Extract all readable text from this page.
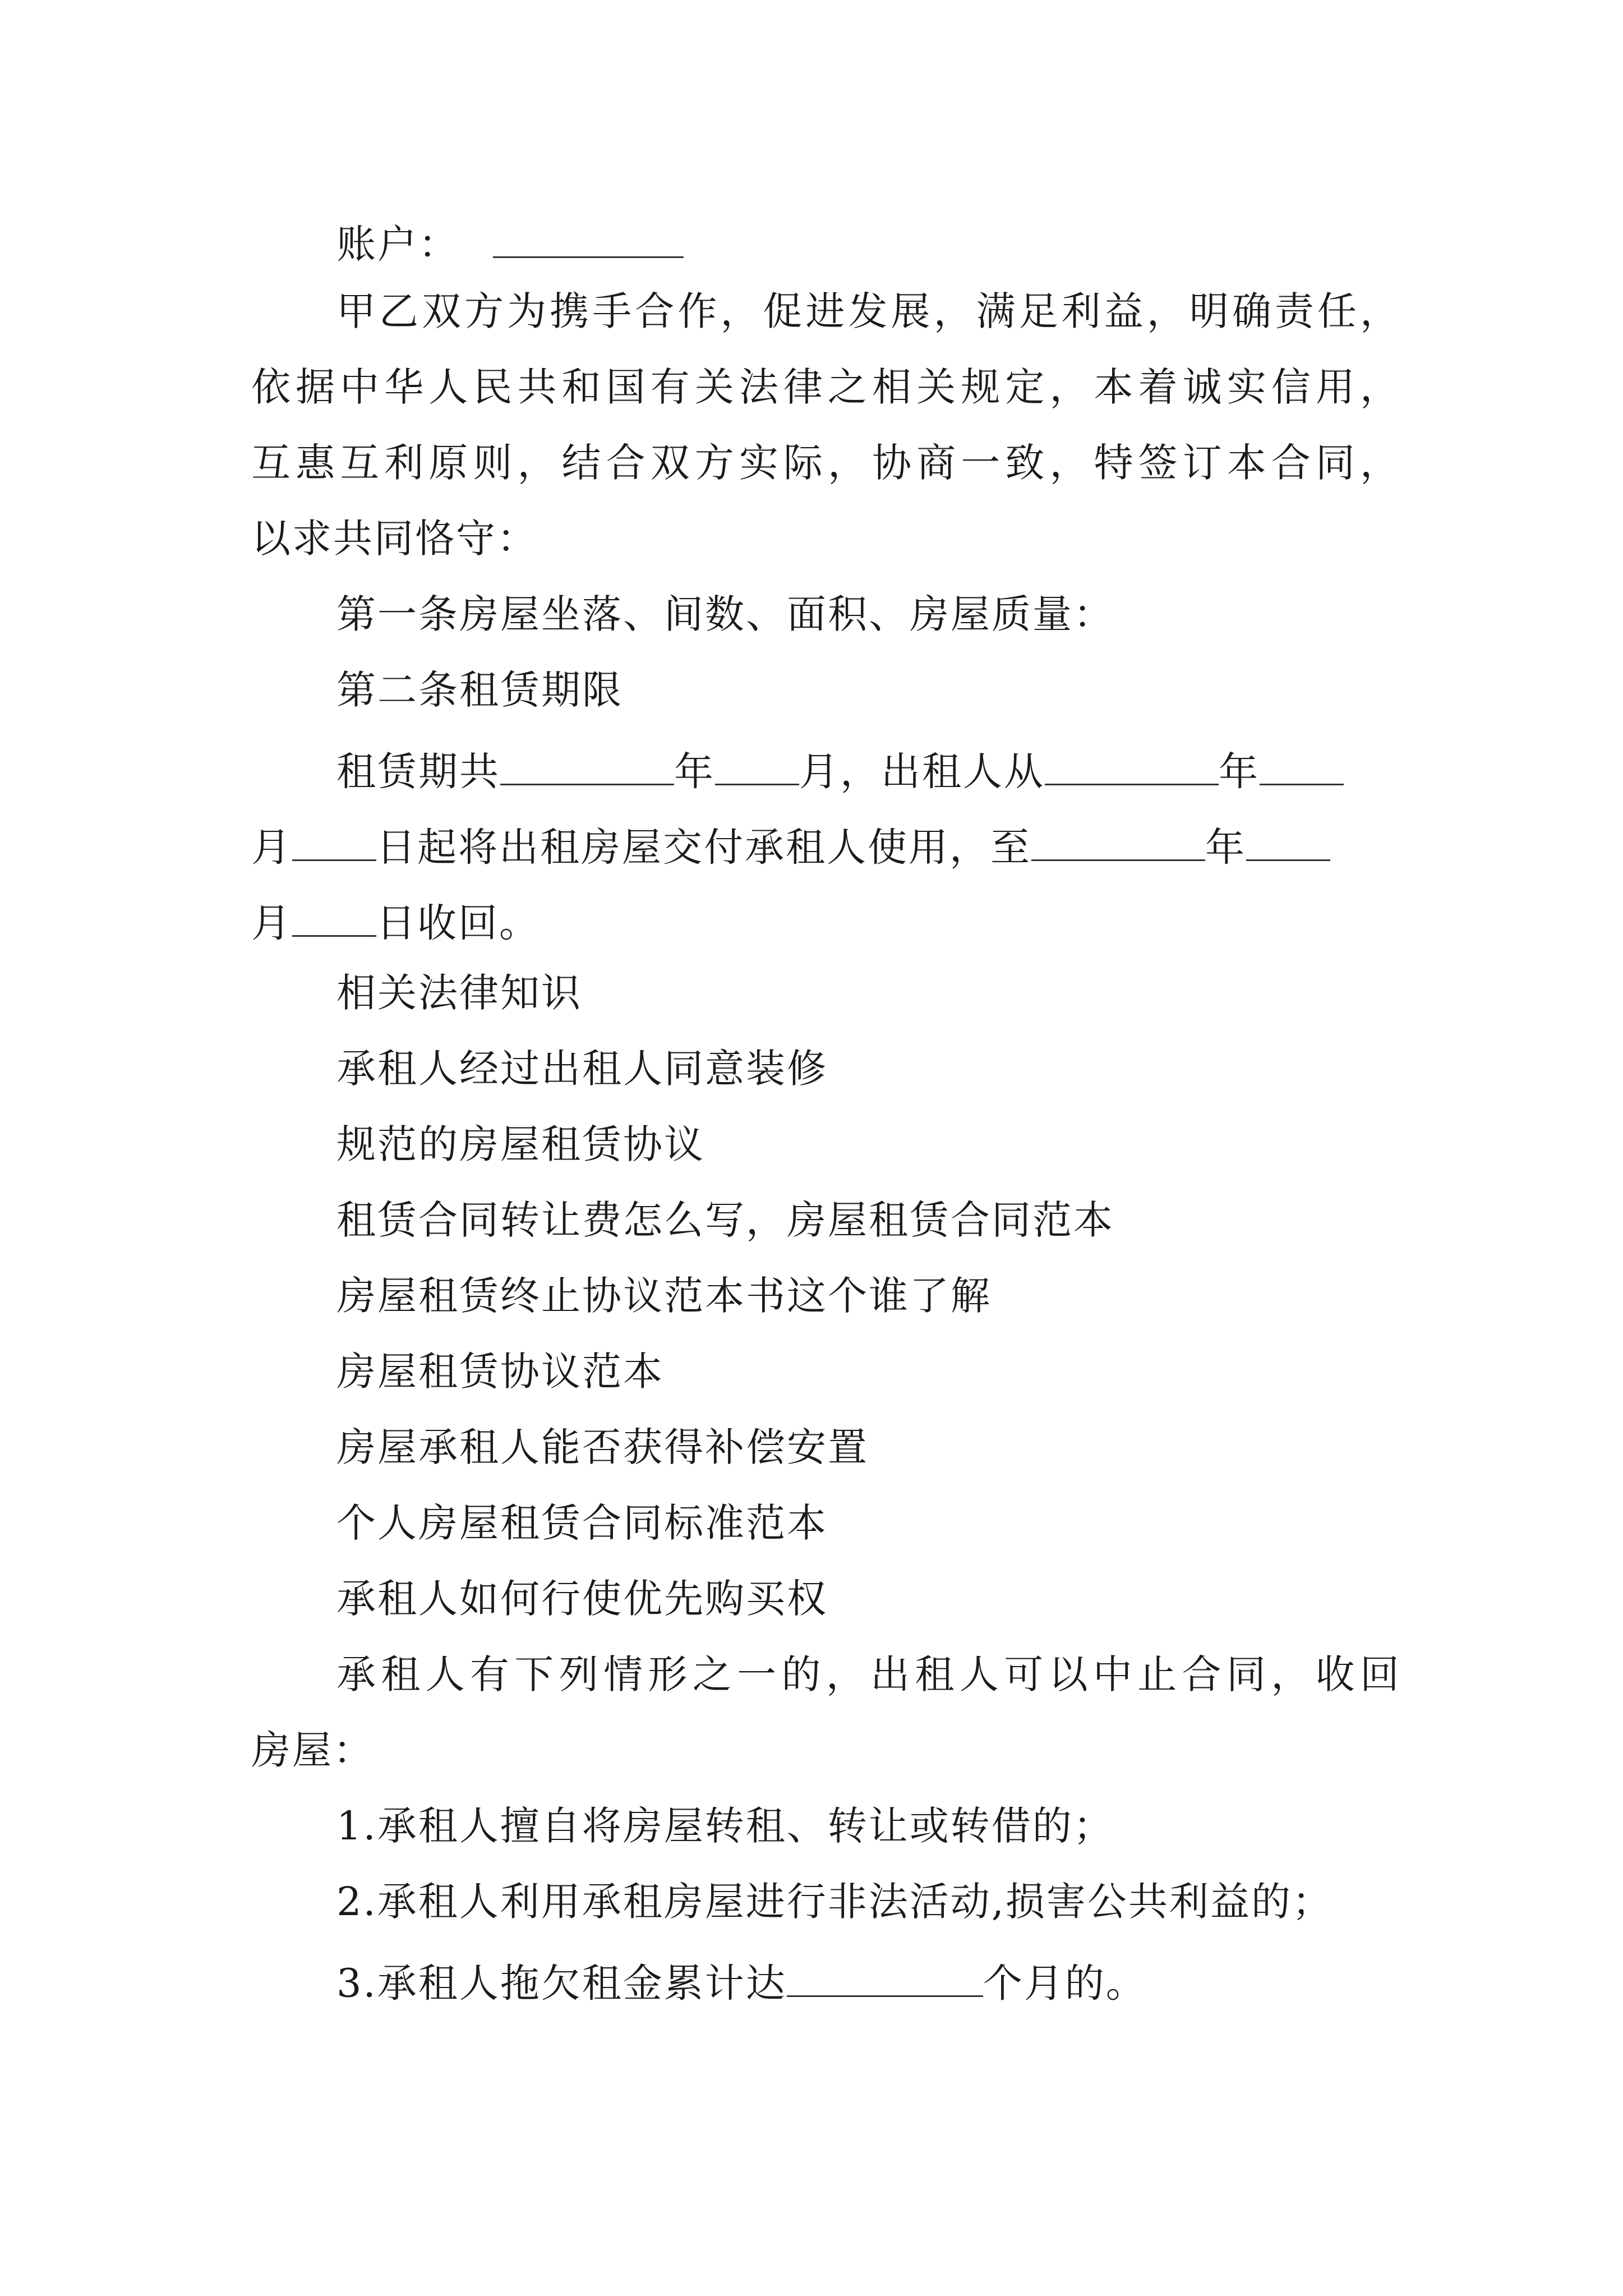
账户：
甲乙双方为携手合作，促进发展，满足利益，明确责任，
依据中华人民共和国有关法律之相关规定，本着诚实信用，
互惠互利原则，结合双方实际，协商一致，特签订本合同，
以求共同恪守：
第一条房屋坐落、间数、面积、房屋质量：
第二条租赁期限
租赁期共	年 月，出租人从	年
月 日起将出租房屋交付承租人使用，至	年
月 日收回。
相关法律知识
承租人经过出租人同意装修
规范的房屋租赁协议
租赁合同转让费怎么写，房屋租赁合同范本
房屋租赁终止协议范本书这个谁了解
房屋租赁协议范本
房屋承租人能否获得补偿安置
个人房屋租赁合同标准范本
承租人如何行使优先购买权
承租人有下列情形之一的，出租人可以中止合同，收回
房屋：
1.承租人擅自将房屋转租、转让或转借的；
2.承租人利用承租房屋进行非法活动,损害公共利益的；
3.承租人拖欠租金累计达	个月的。
